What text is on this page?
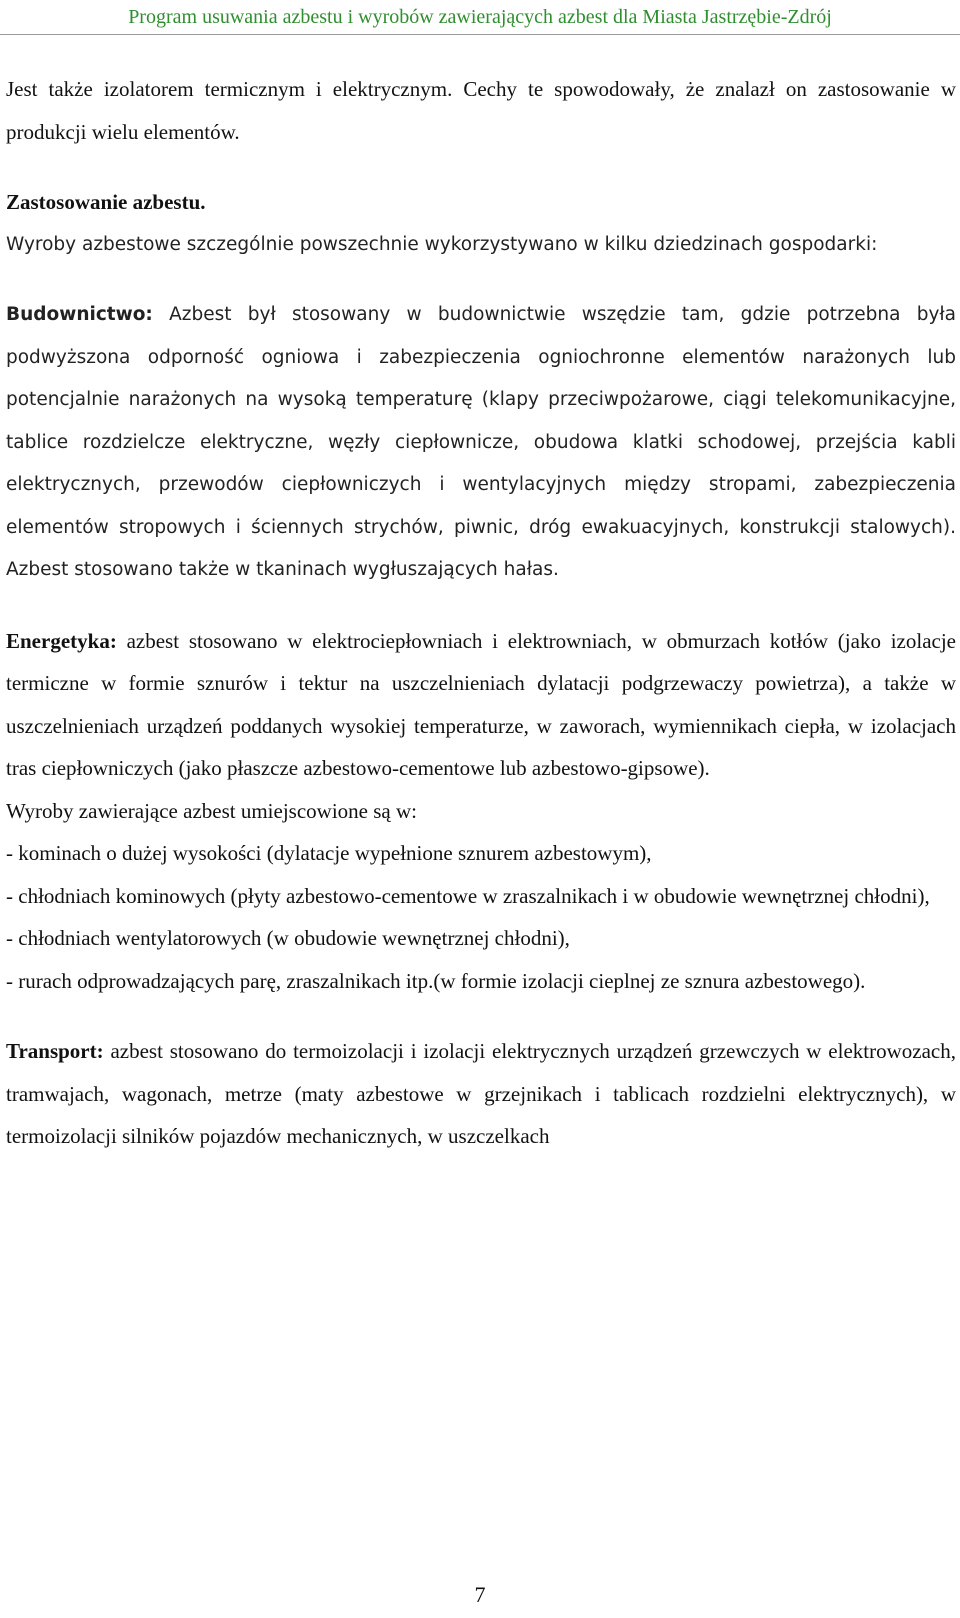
Program usuwania azbestu i wyrobów zawierających azbest dla Miasta Jastrzębie-Zdrój

Jest także izolatorem termicznym i elektrycznym. Cechy te spowodowały, że znalazł on zastosowanie w produkcji wielu elementów.

Zastosowanie azbestu.

Wyroby azbestowe szczególnie powszechnie wykorzystywano w kilku dziedzinach gospodarki:

Budownictwo: Azbest był stosowany w budownictwie wszędzie tam, gdzie potrzebna była podwyższona odporność ogniowa i zabezpieczenia ogniochronne elementów narażonych lub potencjalnie narażonych na wysoką temperaturę (klapy przeciwpożarowe, ciągi telekomunikacyjne, tablice rozdzielcze elektryczne, węzły ciepłownicze, obudowa klatki schodowej, przejścia kabli elektrycznych, przewodów ciepłowniczych i wentylacyjnych między stropami, zabezpieczenia elementów stropowych i ściennych strychów, piwnic, dróg ewakuacyjnych, konstrukcji stalowych). Azbest stosowano także w tkaninach wygłuszających hałas.

Energetyka: azbest stosowano w elektrociepłowniach i elektrowniach, w obmurzach kotłów (jako izolacje termiczne w formie sznurów i tektur na uszczelnieniach dylatacji podgrzewaczy powietrza), a także w uszczelnieniach urządzeń poddanych wysokiej temperaturze, w zaworach, wymiennikach ciepła, w izolacjach tras ciepłowniczych (jako płaszcze azbestowo-cementowe lub azbestowo-gipsowe).

Wyroby zawierające azbest umiejscowione są w:

- kominach o dużej wysokości (dylatacje wypełnione sznurem azbestowym),

- chłodniach kominowych (płyty azbestowo-cementowe w zraszalnikach i w obudowie wewnętrznej chłodni),

- chłodniach wentylatorowych (w obudowie wewnętrznej chłodni),

- rurach odprowadzających parę, zraszalnikach itp.(w formie izolacji cieplnej ze sznura azbestowego).

Transport: azbest stosowano do termoizolacji i izolacji elektrycznych urządzeń grzewczych w elektrowozach, tramwajach, wagonach, metrze (maty azbestowe w grzejnikach i tablicach rozdzielni elektrycznych), w termoizolacji silników pojazdów mechanicznych, w uszczelkach

7
